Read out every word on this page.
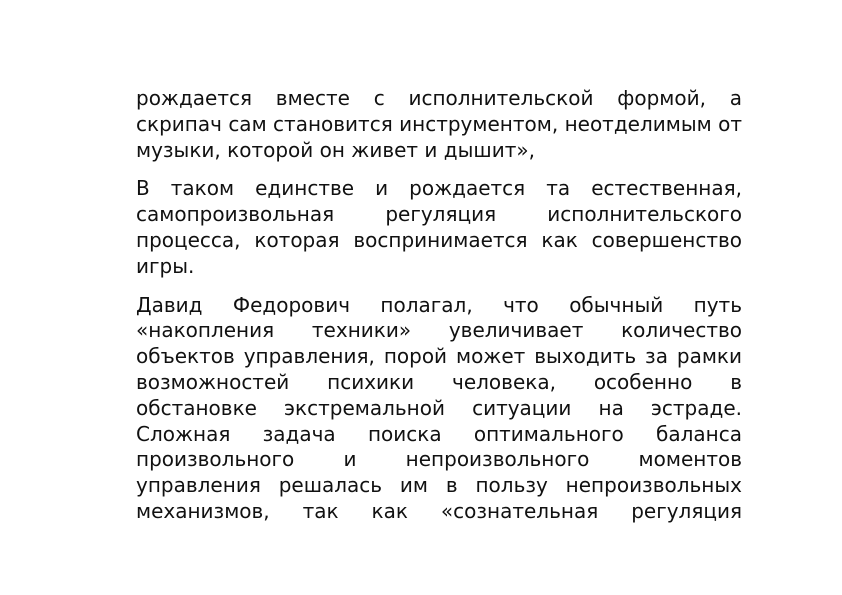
рождается вместе с исполнительской формой, а скрипач сам становится инструментом, неотделимым от музыки, которой он живет и дышит»,

В таком единстве и рождается та естественная, самопроизвольная регуляция исполнительского процесса, которая воспринимается как совершенство игры.

Давид Федорович полагал, что обычный путь «накопления техники» увеличивает количество объектов управления, порой может выходить за рамки возможностей психики человека, особенно в обстановке экстремальной ситуации на эстраде. Сложная задача поиска оптимального баланса произвольного и непроизвольного моментов управления решалась им в пользу непроизвольных механизмов, так как «сознательная регуляция
